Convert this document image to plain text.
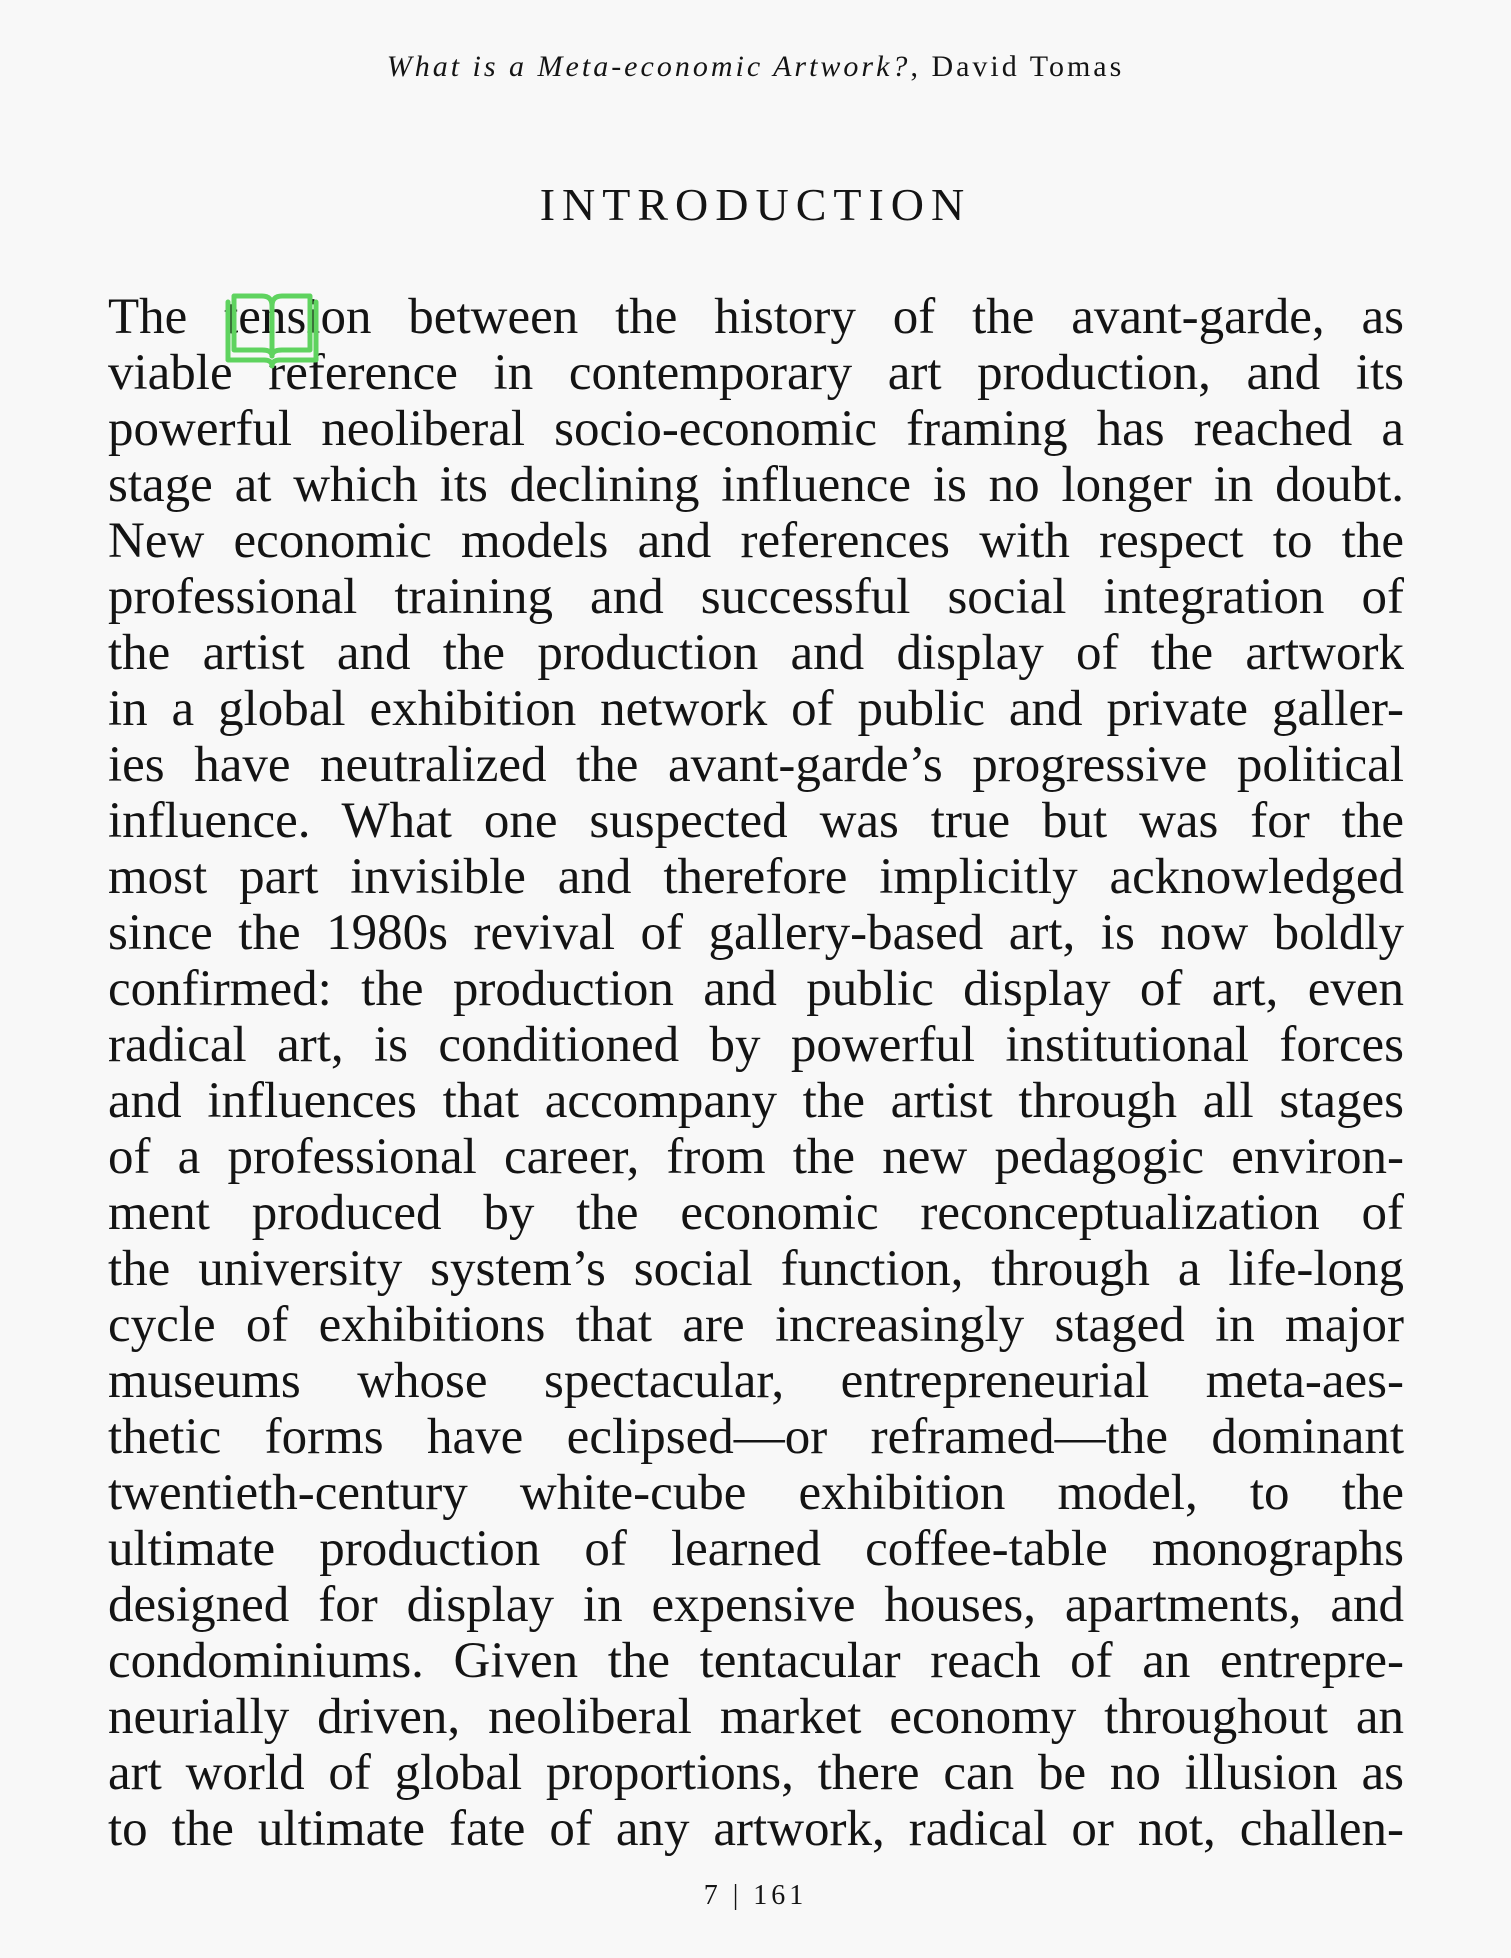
What is a Meta-economic Artwork?, David Tomas
INTRODUCTION
The tension between the history of the avant-garde, as
viable reference in contemporary art production, and its
powerful neoliberal socio-economic framing has reached a
stage at which its declining influence is no longer in doubt.
New economic models and references with respect to the
professional training and successful social integration of
the artist and the production and display of the artwork
in a global exhibition network of public and private galler-
ies have neutralized the avant-garde’s progressive political
influence. What one suspected was true but was for the
most part invisible and therefore implicitly acknowledged
since the 1980s revival of gallery-based art, is now boldly
confirmed: the production and public display of art, even
radical art, is conditioned by powerful institutional forces
and influences that accompany the artist through all stages
of a professional career, from the new pedagogic environ-
ment produced by the economic reconceptualization of
the university system’s social function, through a life-long
cycle of exhibitions that are increasingly staged in major
museums whose spectacular, entrepreneurial meta-aes-
thetic forms have eclipsed—or reframed—the dominant
twentieth-century white-cube exhibition model, to the
ultimate production of learned coffee-table monographs
designed for display in expensive houses, apartments, and
condominiums. Given the tentacular reach of an entrepre-
neurially driven, neoliberal market economy throughout an
art world of global proportions, there can be no illusion as
to the ultimate fate of any artwork, radical or not, challen-
7 | 161
